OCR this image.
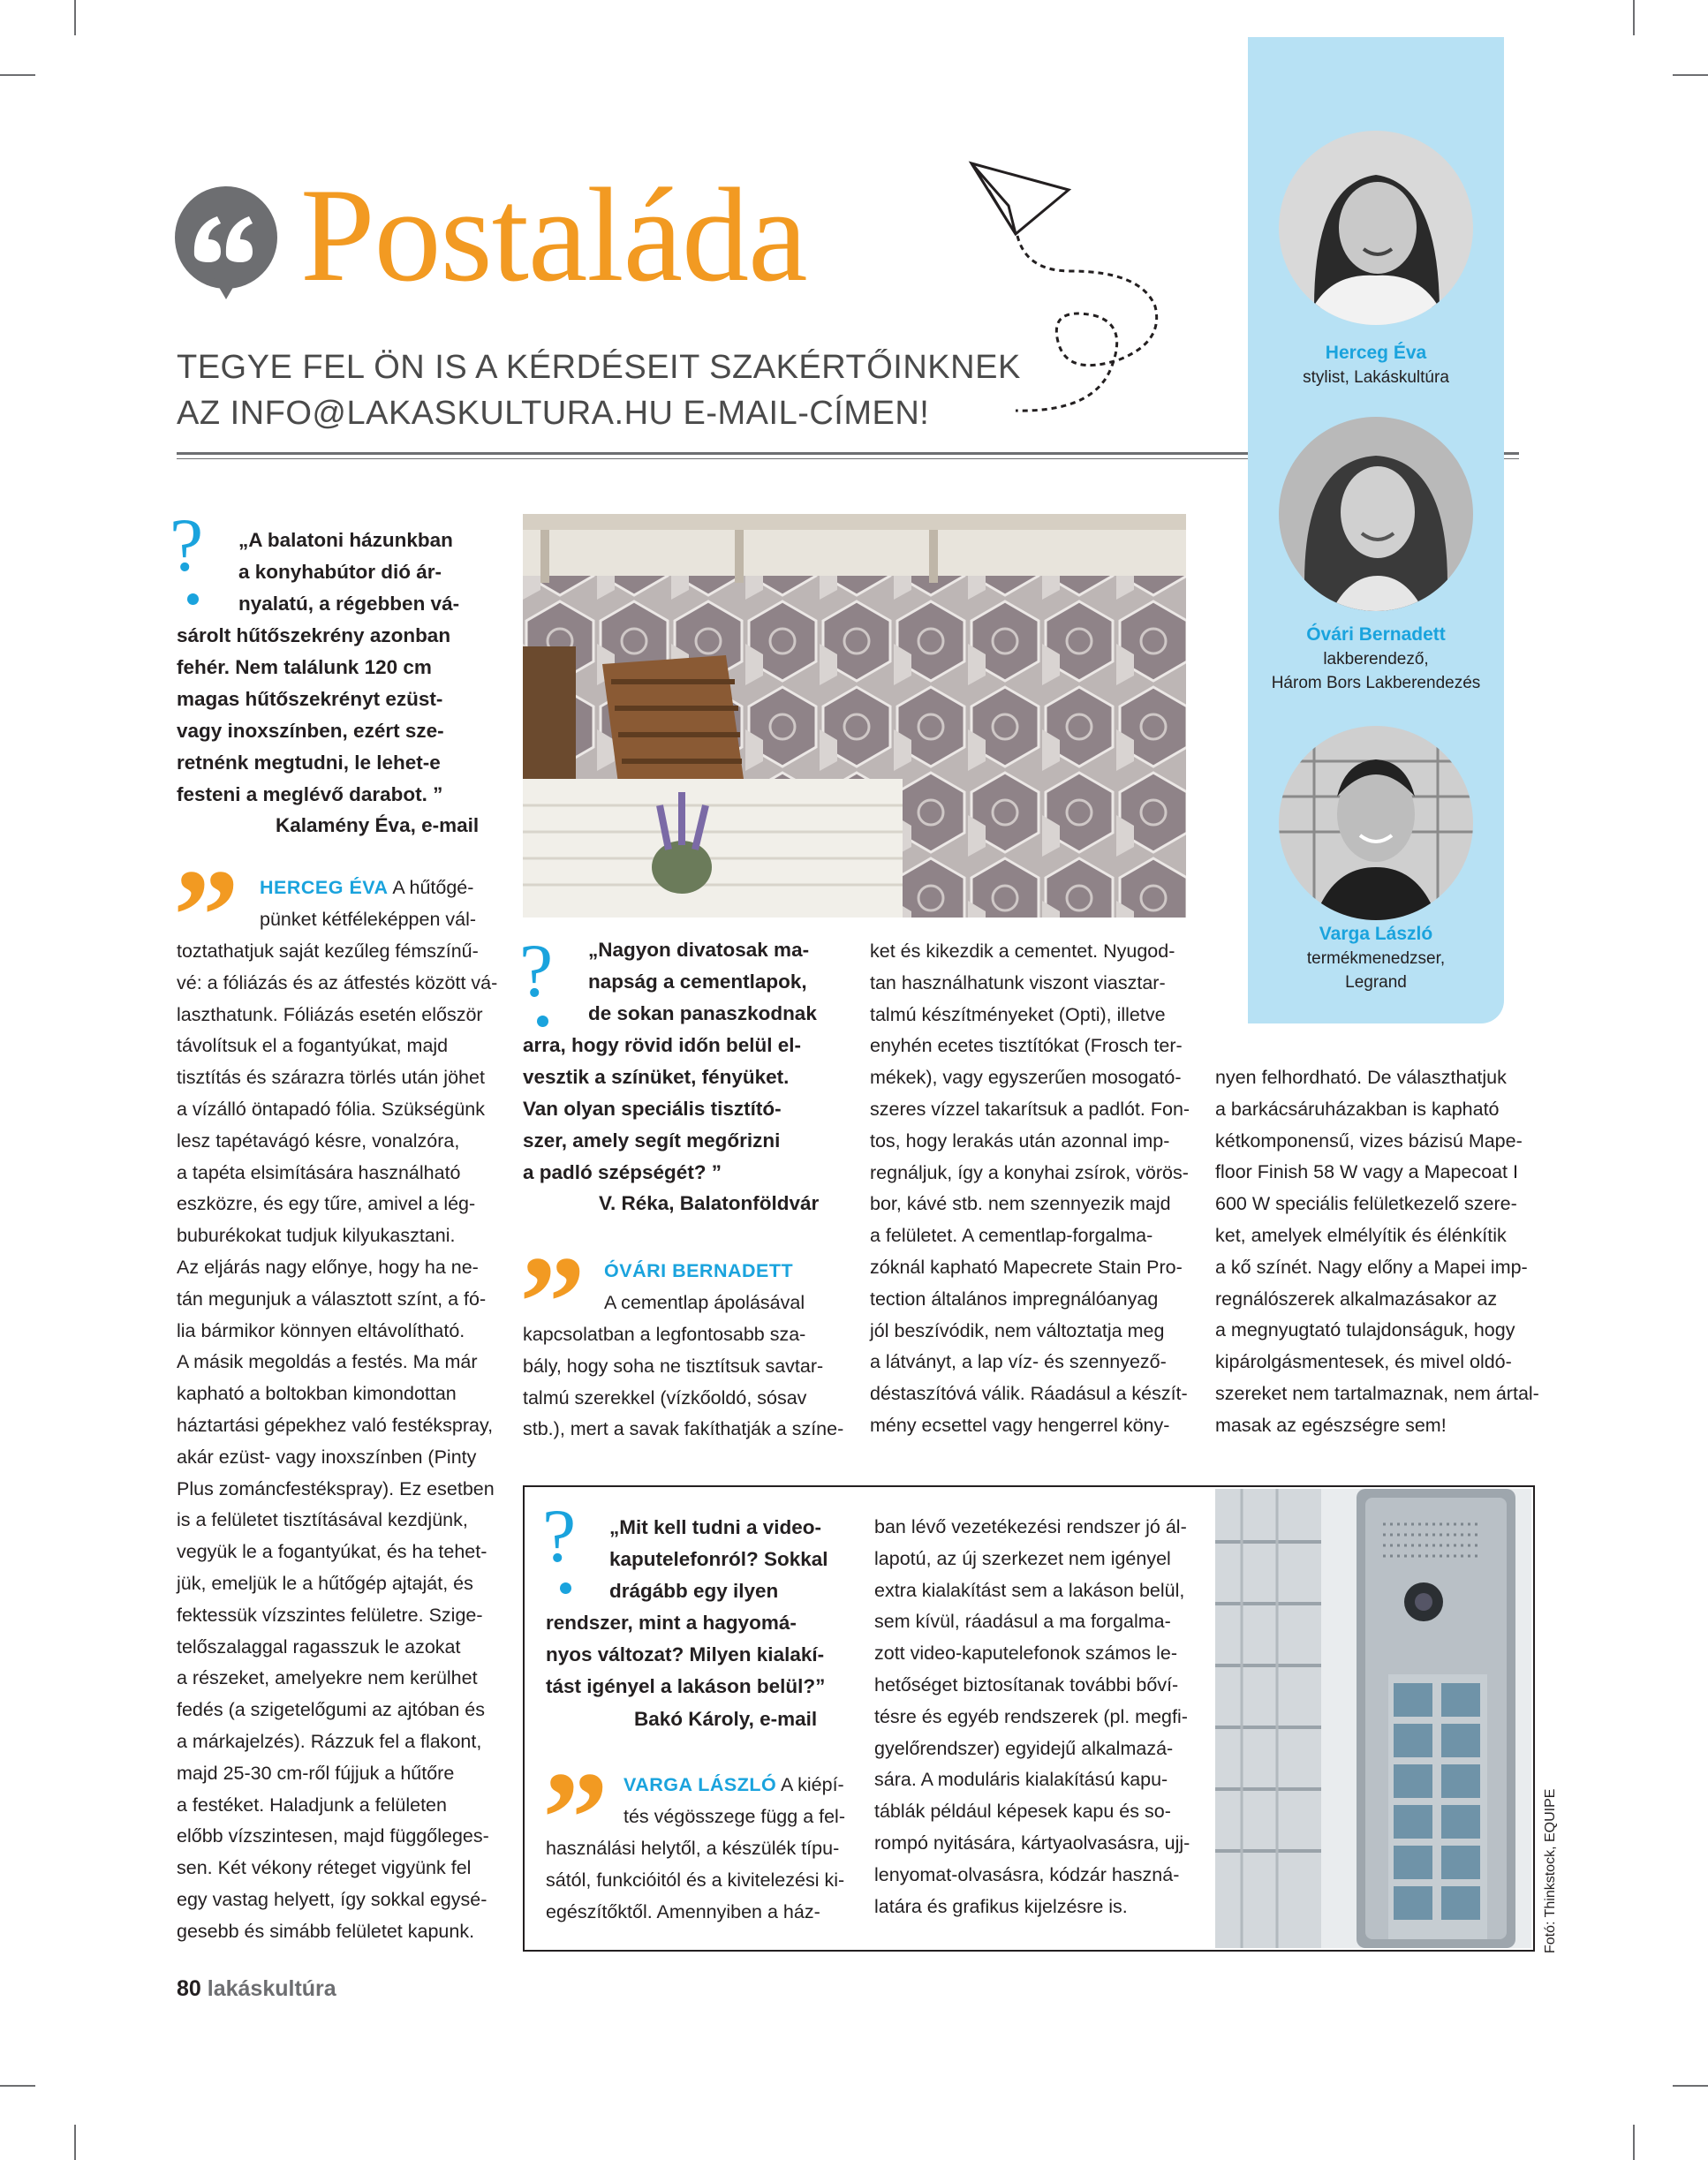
Postaláda
TEGYE FEL ÖN IS A KÉRDÉSEIT SZAKÉRTŐINKNEK
AZ INFO@LAKASKULTURA.HU E-MAIL-CÍMEN!
Herceg Éva
stylist, Lakáskultúra
Óvári Bernadett
lakberendező,
Három Bors Lakberendezés
Varga László
termékmenedzser,
Legrand
? „A balatoni házunkban
a konyhabútor dió ár-
nyalatú, a régebben vá-
sárolt hűtőszekrény azonban
fehér. Nem találunk 120 cm
magas hűtőszekrényt ezüst-
vagy inoxszínben, ezért sze-
retnénk megtudni, le lehet-e
festeni a meglévő darabot. ”
Kalamény Éva, e-mail
” HERCEG ÉVA A hűtőgé-
pünket kétféleképpen vál-
toztathatjuk saját kezűleg fémszínű-
vé: a fóliázás és az átfestés között vá-
laszthatunk. Fóliázás esetén először
távolítsuk el a fogantyúkat, majd
tisztítás és szárazra törlés után jöhet
a vízálló öntapadó fólia. Szükségünk
lesz tapétavágó késre, vonalzóra,
a tapéta elsimítására használható
eszközre, és egy tűre, amivel a lég-
buburékokat tudjuk kilyukasztani.
Az eljárás nagy előnye, hogy ha ne-
tán megunjuk a választott színt, a fó-
lia bármikor könnyen eltávolítható.
A másik megoldás a festés. Ma már
kapható a boltokban kimondottan
háztartási gépekhez való festékspray,
akár ezüst- vagy inoxszínben (Pinty
Plus zománcfestékspray). Ez esetben
is a felületet tisztításával kezdjünk,
vegyük le a fogantyúkat, és ha tehet-
jük, emeljük le a hűtőgép ajtaját, és
fektessük vízszintes felületre. Szige-
telőszalaggal ragasszuk le azokat
a részeket, amelyekre nem kerülhet
fedés (a szigetelőgumi az ajtóban és
a márkajelzés). Rázzuk fel a flakont,
majd 25-30 cm-ről fújjuk a hűtőre
a festéket. Haladjunk a felületen
előbb vízszintesen, majd függőleges-
sen. Két vékony réteget vigyünk fel
egy vastag helyett, így sokkal egysé-
gesebb és simább felületet kapunk.
? „Nagyon divatosak ma-
napság a cementlapok,
de sokan panaszkodnak
arra, hogy rövid időn belül el-
vesztik a színüket, fényüket.
Van olyan speciális tisztító-
szer, amely segít megőrizni
a padló szépségét? ”
V. Réka, Balatonföldvár
” ÓVÁRI BERNADETT
A cementlap ápolásával
kapcsolatban a legfontosabb sza-
bály, hogy soha ne tisztítsuk savtar-
talmú szerekkel (vízkőoldó, sósav
stb.), mert a savak fakíthatják a színe-
ket és kikezdik a cementet. Nyugod-
tan használhatunk viszont viasztar-
talmú készítményeket (Opti), illetve
enyhén ecetes tisztítókat (Frosch ter-
mékek), vagy egyszerűen mosogató-
szeres vízzel takarítsuk a padlót. Fon-
tos, hogy lerakás után azonnal imp-
regnáljuk, így a konyhai zsírok, vörös-
bor, kávé stb. nem szennyezik majd
a felületet. A cementlap-forgalma-
zóknál kapható Mapecrete Stain Pro-
tection általános impregnálóanyag
jól beszívódik, nem változtatja meg
a látványt, a lap víz- és szennyező-
déstaszítóvá válik. Ráadásul a készít-
mény ecsettel vagy hengerrel köny-
nyen felhordható. De választhatjuk
a barkácsáruházakban is kapható
kétkomponensű, vizes bázisú Mape-
floor Finish 58 W vagy a Mapecoat I
600 W speciális felületkezelő szere-
ket, amelyek elmélyítik és élénkítik
a kő színét. Nagy előny a Mapei imp-
regnálószerek alkalmazásakor az
a megnyugtató tulajdonságuk, hogy
kipárolgásmentesek, és mivel oldó-
szereket nem tartalmaznak, nem ártal-
masak az egészségre sem!
? „Mit kell tudni a video-
kaputelefonról? Sokkal
drágább egy ilyen
rendszer, mint a hagyomá-
nyos változat? Milyen kialakí-
tást igényel a lakáson belül?”
Bakó Károly, e-mail
” VARGA LÁSZLÓ A kiépí-
tés végösszege függ a fel-
használási helytől, a készülék típu-
sától, funkcióitól és a kivitelezési ki-
egészítőktől. Amennyiben a ház-
ban lévő vezetékezési rendszer jó ál-
lapotú, az új szerkezet nem igényel
extra kialakítást sem a lakáson belül,
sem kívül, ráadásul a ma forgalma-
zott video-kaputelefonok számos le-
hetőséget biztosítanak további bőví-
tésre és egyéb rendszerek (pl. megfi-
gyelőrendszer) egyidejű alkalmazá-
sára. A moduláris kialakítású kapu-
táblák például képesek kapu és so-
rompó nyitására, kártyaolvasásra, ujj-
lenyomat-olvasásra, kódzár haszná-
latára és grafikus kijelzésre is.	Fotó: Thinkstock, EQUIPE
80 lakáskultúra
